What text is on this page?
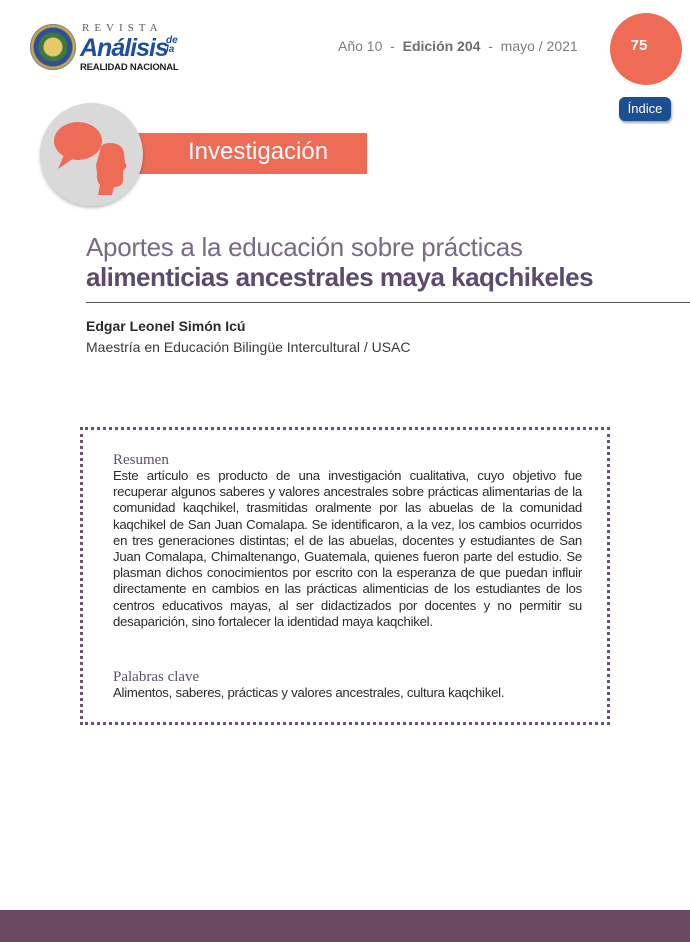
REVISTA
Análisis
de la
REALIDAD NACIONAL
Año 10 - Edición 204 - mayo / 2021	75
Índice
Investigación
Aportes a la educación sobre prácticas
alimenticias ancestrales maya kaqchikeles
Edgar Leonel Simón Icú
Maestría en Educación Bilingüe Intercultural / USAC
Resumen
Este artículo es producto de una investigación cualitativa, cuyo objetivo fue recuperar algunos saberes y valores ancestrales sobre prácticas alimentarias de la comunidad kaqchikel, trasmitidas oralmente por las abuelas de la comunidad kaqchikel de San Juan Comalapa. Se identificaron, a la vez, los cambios ocurridos en tres generaciones distintas; el de las abuelas, docentes y estudiantes de San Juan Comalapa, Chimaltenango, Guatemala, quienes fueron parte del estudio. Se plasman dichos conocimientos por escrito con la esperanza de que puedan influir directamente en cambios en las prácticas alimenticias de los estudiantes de los centros educativos mayas, al ser didactizados por docentes y no permitir su desaparición, sino fortalecer la identidad maya kaqchikel.
Palabras clave
Alimentos, saberes, prácticas y valores ancestrales, cultura kaqchikel.
